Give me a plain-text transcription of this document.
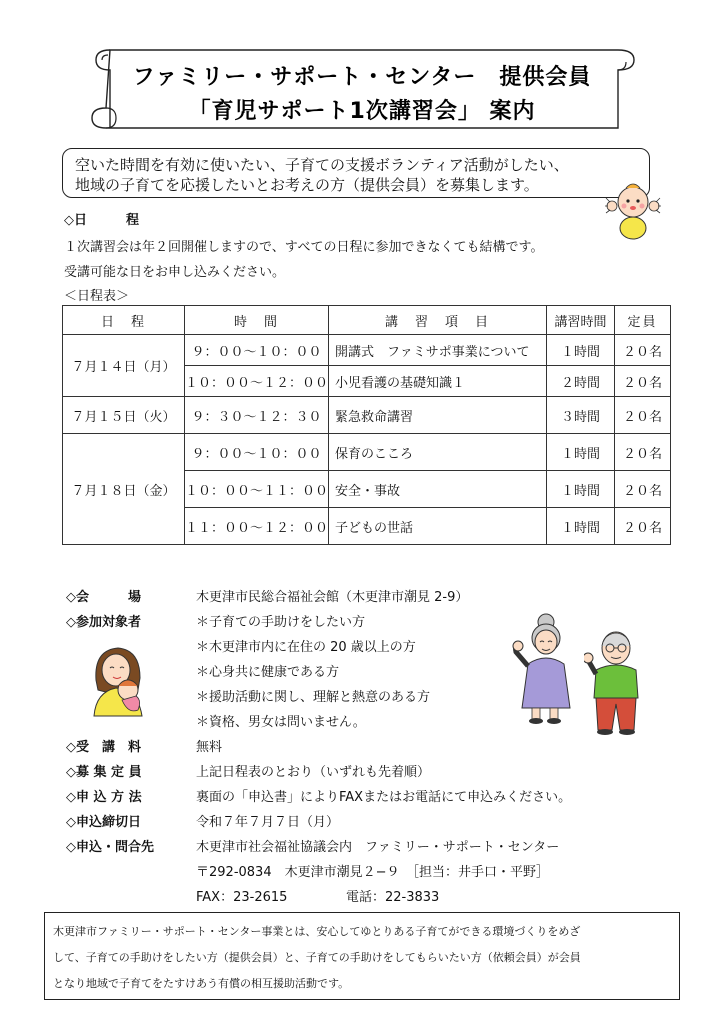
ファミリー・サポート・センター　提供会員
「育児サポート1次講習会」 案内
空いた時間を有効に使いたい、子育ての支援ボランティア活動がしたい、
地域の子育てを応援したいとお考えの方（提供会員）を募集します。
◇日　　　程
１次講習会は年２回開催しますので、すべての日程に参加できなくても結構です。
受講可能な日をお申し込みください。
＜日程表＞
日　程	時　間	講　習　項　目	講習時間	定員
７月１４日（月）	９：００～１０：００	開講式　ファミサポ事業について	１時間	２０名
	１０：００～１２：００	小児看護の基礎知識１	２時間	２０名
７月１５日（火）	９：３０～１２：３０	緊急救命講習	３時間	２０名
７月１８日（金）	９：００～１０：００	保育のこころ	１時間	２０名
	１０：００～１１：００	安全・事故	１時間	２０名
	１１：００～１２：００	子どもの世話	１時間	２０名
◇会　　　場	木更津市民総合福祉会館（木更津市潮見 2-9）
◇参加対象者	＊子育ての手助けをしたい方
＊木更津市内に在住の 20 歳以上の方
＊心身共に健康である方
＊援助活動に関し、理解と熱意のある方
＊資格、男女は問いません。
◇受　講　料	無料
◇募 集 定 員	上記日程表のとおり（いずれも先着順）
◇申 込 方 法	裏面の「申込書」によりFAXまたはお電話にて申込みください。
◇申込締切日	令和７年７月７日（月）
◇申込・問合先	木更津市社会福祉協議会内　ファミリー・サポート・センター
〒292-0834　木更津市潮見２−９　［担当：井手口・平野］
FAX：23-2615	電話：22-3833
木更津市ファミリー・サポート・センター事業とは、安心してゆとりある子育てができる環境づくりをめざ
して、子育ての手助けをしたい方（提供会員）と、子育ての手助けをしてもらいたい方（依頼会員）が会員
となり地域で子育てをたすけあう有償の相互援助活動です。
